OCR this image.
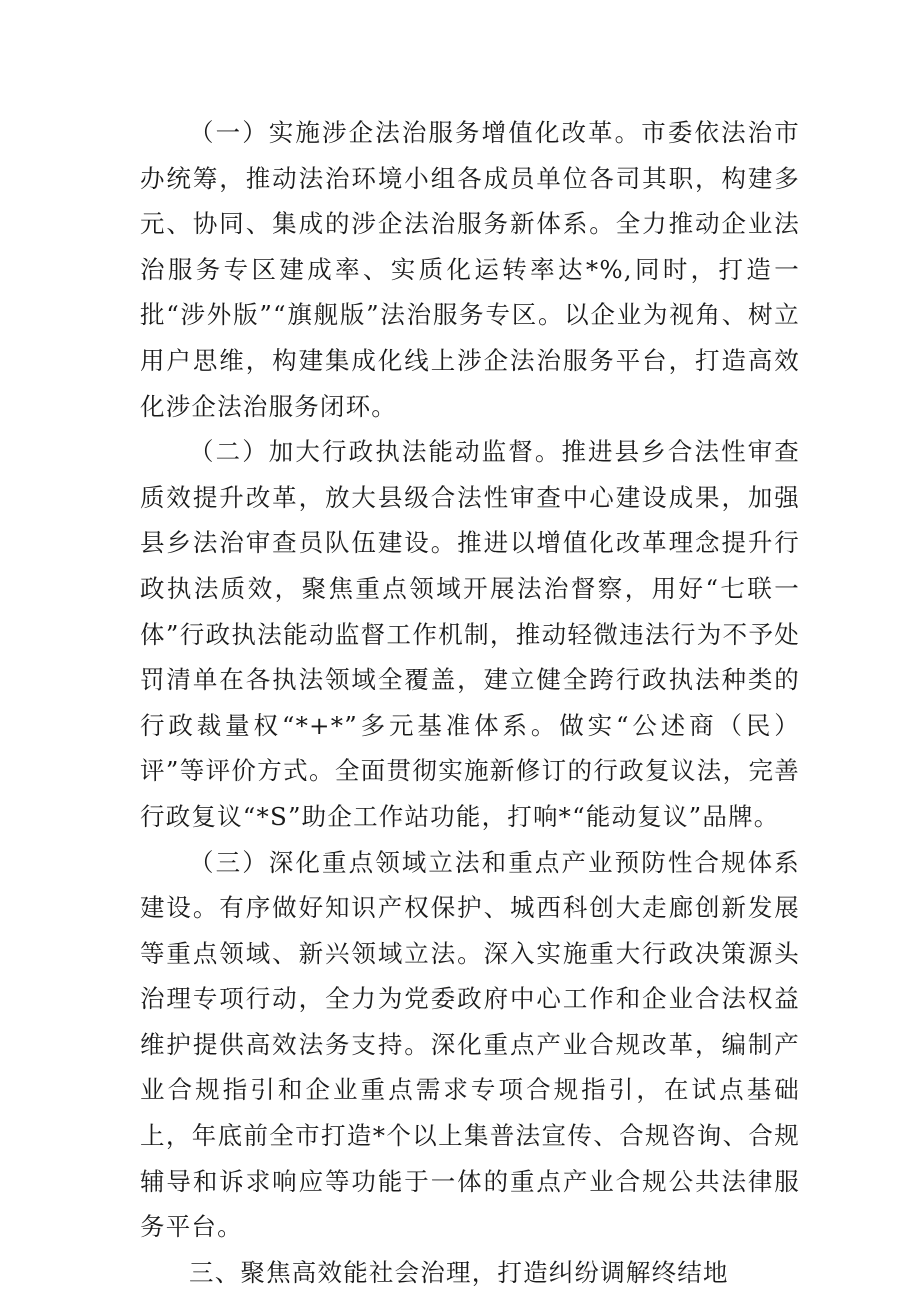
（一）实施涉企法治服务增值化改革。市委依法治市办统筹，推动法治环境小组各成员单位各司其职，构建多元、协同、集成的涉企法治服务新体系。全力推动企业法治服务专区建成率、实质化运转率达*%,同时，打造一批“涉外版”“旗舰版”法治服务专区。以企业为视角、树立用户思维，构建集成化线上涉企法治服务平台，打造高效化涉企法治服务闭环。

（二）加大行政执法能动监督。推进县乡合法性审查质效提升改革，放大县级合法性审查中心建设成果，加强县乡法治审查员队伍建设。推进以增值化改革理念提升行政执法质效，聚焦重点领域开展法治督察，用好“七联一体”行政执法能动监督工作机制，推动轻微违法行为不予处罚清单在各执法领域全覆盖，建立健全跨行政执法种类的行政裁量权“*+*”多元基准体系。做实“公述商（民）评”等评价方式。全面贯彻实施新修订的行政复议法，完善行政复议“*S”助企工作站功能，打响*“能动复议”品牌。

（三）深化重点领域立法和重点产业预防性合规体系建设。有序做好知识产权保护、城西科创大走廊创新发展等重点领域、新兴领域立法。深入实施重大行政决策源头治理专项行动，全力为党委政府中心工作和企业合法权益维护提供高效法务支持。深化重点产业合规改革，编制产业合规指引和企业重点需求专项合规指引，在试点基础上，年底前全市打造*个以上集普法宣传、合规咨询、合规辅导和诉求响应等功能于一体的重点产业合规公共法律服务平台。

三、聚焦高效能社会治理，打造纠纷调解终结地
